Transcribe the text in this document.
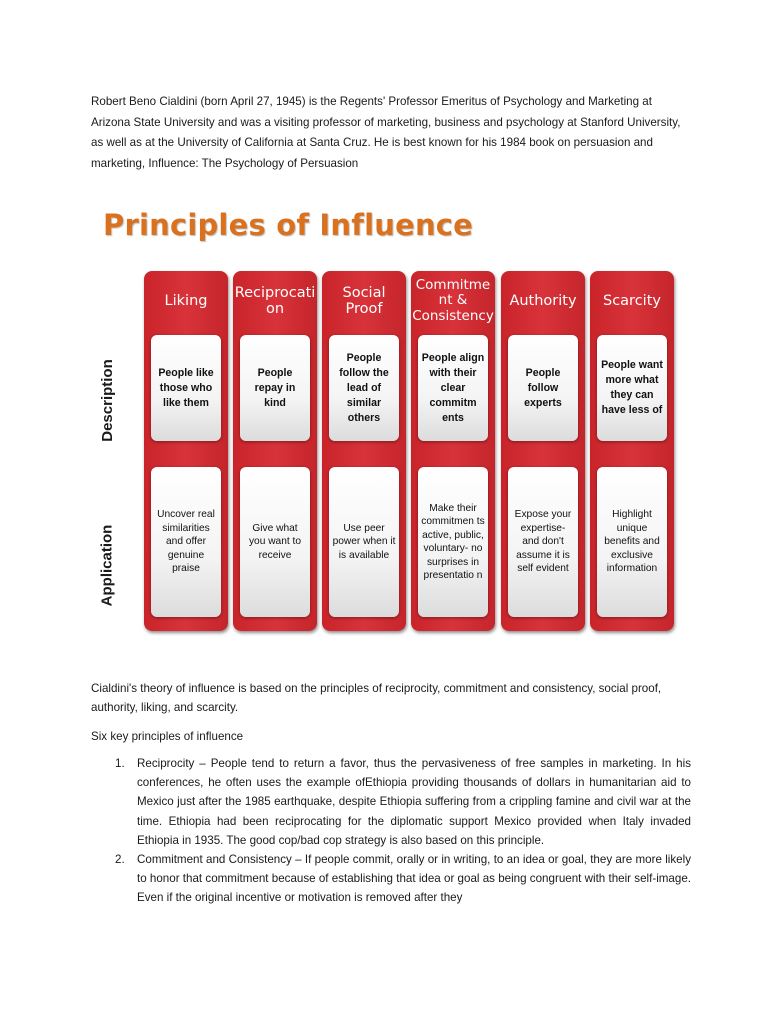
Robert Beno Cialdini (born April 27, 1945) is the Regents' Professor Emeritus of Psychology and Marketing at Arizona State University and was a visiting professor of marketing, business and psychology at Stanford University, as well as at the University of California at Santa Cruz. He is best known for his 1984 book on persuasion and marketing, Influence: The Psychology of Persuasion

Principles of Influence
Description
Application
Liking
People like those who like them
Uncover real similarities and offer genuine praise
Reciprocati on
People repay in kind
Give what you want to receive
Social Proof
People follow the lead of similar others
Use peer power when it is available
Commitme nt & Consistency
People align with their clear commitm ents
Make their commitmen ts active, public, voluntary- no surprises in presentatio n
Authority
People follow experts
Expose your expertise- and don't assume it is self evident
Scarcity
People want more what they can have less of
Highlight unique benefits and exclusive information

Cialdini's theory of influence is based on the principles of reciprocity, commitment and consistency, social proof, authority, liking, and scarcity.

Six key principles of influence

1. Reciprocity – People tend to return a favor, thus the pervasiveness of free samples in marketing. In his conferences, he often uses the example ofEthiopia providing thousands of dollars in humanitarian aid to Mexico just after the 1985 earthquake, despite Ethiopia suffering from a crippling famine and civil war at the time. Ethiopia had been reciprocating for the diplomatic support Mexico provided when Italy invaded Ethiopia in 1935. The good cop/bad cop strategy is also based on this principle.
2. Commitment and Consistency – If people commit, orally or in writing, to an idea or goal, they are more likely to honor that commitment because of establishing that idea or goal as being congruent with their self-image. Even if the original incentive or motivation is removed after they
